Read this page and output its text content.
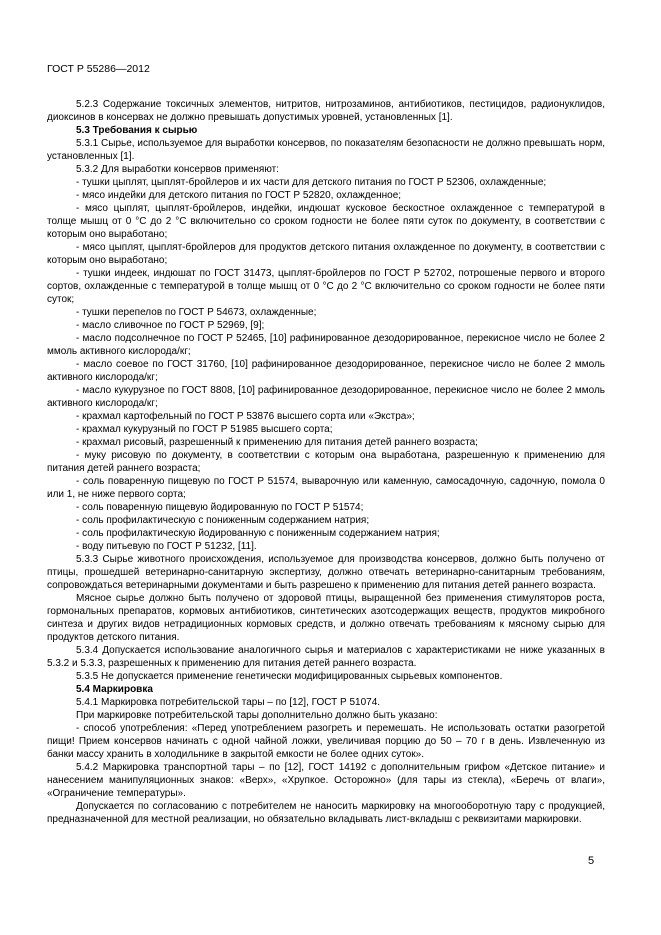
ГОСТ Р 55286—2012

5.2.3 Содержание токсичных элементов, нитритов, нитрозаминов, антибиотиков, пестицидов, радионуклидов, диоксинов в консервах не должно превышать допустимых уровней, установленных [1].

5.3 Требования к сырью

5.3.1 Сырье, используемое для выработки консервов, по показателям безопасности не должно превышать норм, установленных [1].

5.3.2 Для выработки консервов применяют:

- тушки цыплят, цыплят-бройлеров и их части для детского питания по ГОСТ Р 52306, охлажденные;

- мясо индейки для детского питания по ГОСТ Р 52820, охлажденное;

- мясо цыплят, цыплят-бройлеров, индейки, индюшат кусковое бескостное охлажденное с температурой в толще мышц от 0 °С до 2 °С включительно со сроком годности не более пяти суток по документу, в соответствии с которым оно выработано;

- мясо цыплят, цыплят-бройлеров для продуктов детского питания охлажденное по документу, в соответствии с которым оно выработано;

- тушки индеек, индюшат по ГОСТ 31473, цыплят-бройлеров по ГОСТ Р 52702, потрошеные первого и второго сортов, охлажденные с температурой в толще мышц от 0 °С до 2 °С включительно со сроком годности не более пяти суток;

- тушки перепелов по ГОСТ Р 54673, охлажденные;

- масло сливочное по ГОСТ Р 52969, [9];

- масло подсолнечное по ГОСТ Р 52465, [10] рафинированное дезодорированное, перекисное число не более 2 ммоль активного кислорода/кг;

- масло соевое по ГОСТ 31760, [10] рафинированное дезодорированное, перекисное число не более 2 ммоль активного кислорода/кг;

- масло кукурузное по ГОСТ 8808, [10] рафинированное дезодорированное, перекисное число не более 2 ммоль активного кислорода/кг;

- крахмал картофельный по ГОСТ Р 53876 высшего сорта или «Экстра»;

- крахмал кукурузный по ГОСТ Р 51985 высшего сорта;

- крахмал рисовый, разрешенный к применению для питания детей раннего возраста;

- муку рисовую по документу, в соответствии с которым она выработана, разрешенную к применению для питания детей раннего возраста;

- соль поваренную пищевую по ГОСТ Р 51574, выварочную или каменную, самосадочную, садочную, помола 0 или 1, не ниже первого сорта;

- соль поваренную пищевую йодированную по ГОСТ Р 51574;

- соль профилактическую с пониженным содержанием натрия;

- соль профилактическую йодированную с пониженным содержанием натрия;

- воду питьевую по ГОСТ Р 51232, [11].

5.3.3 Сырье животного происхождения, используемое для производства консервов, должно быть получено от птицы, прошедшей ветеринарно-санитарную экспертизу, должно отвечать ветеринарно-санитарным требованиям, сопровождаться ветеринарными документами и быть разрешено к применению для питания детей раннего возраста.

Мясное сырье должно быть получено от здоровой птицы, выращенной без применения стимуляторов роста, гормональных препаратов, кормовых антибиотиков, синтетических азотсодержащих веществ, продуктов микробного синтеза и других видов нетрадиционных кормовых средств, и должно отвечать требованиям к мясному сырью для продуктов детского питания.

5.3.4 Допускается использование аналогичного сырья и материалов с характеристиками не ниже указанных в 5.3.2 и 5.3.3, разрешенных к применению для питания детей раннего возраста.

5.3.5 Не допускается применение генетически модифицированных сырьевых компонентов.

5.4 Маркировка

5.4.1 Маркировка потребительской тары – по [12], ГОСТ Р 51074.

При маркировке потребительской тары дополнительно должно быть указано:

- способ употребления: «Перед употреблением разогреть и перемешать. Не использовать остатки разогретой пищи! Прием консервов начинать с одной чайной ложки, увеличивая порцию до 50 – 70 г в день. Извлеченную из банки массу хранить в холодильнике в закрытой емкости не более одних суток».

5.4.2 Маркировка транспортной тары – по [12], ГОСТ 14192 с дополнительным грифом «Детское питание» и нанесением манипуляционных знаков: «Верх», «Хрупкое. Осторожно» (для тары из стекла), «Беречь от влаги», «Ограничение температуры».

Допускается по согласованию с потребителем не наносить маркировку на многооборотную тару с продукцией, предназначенной для местной реализации, но обязательно вкладывать лист-вкладыш с реквизитами маркировки.

5
